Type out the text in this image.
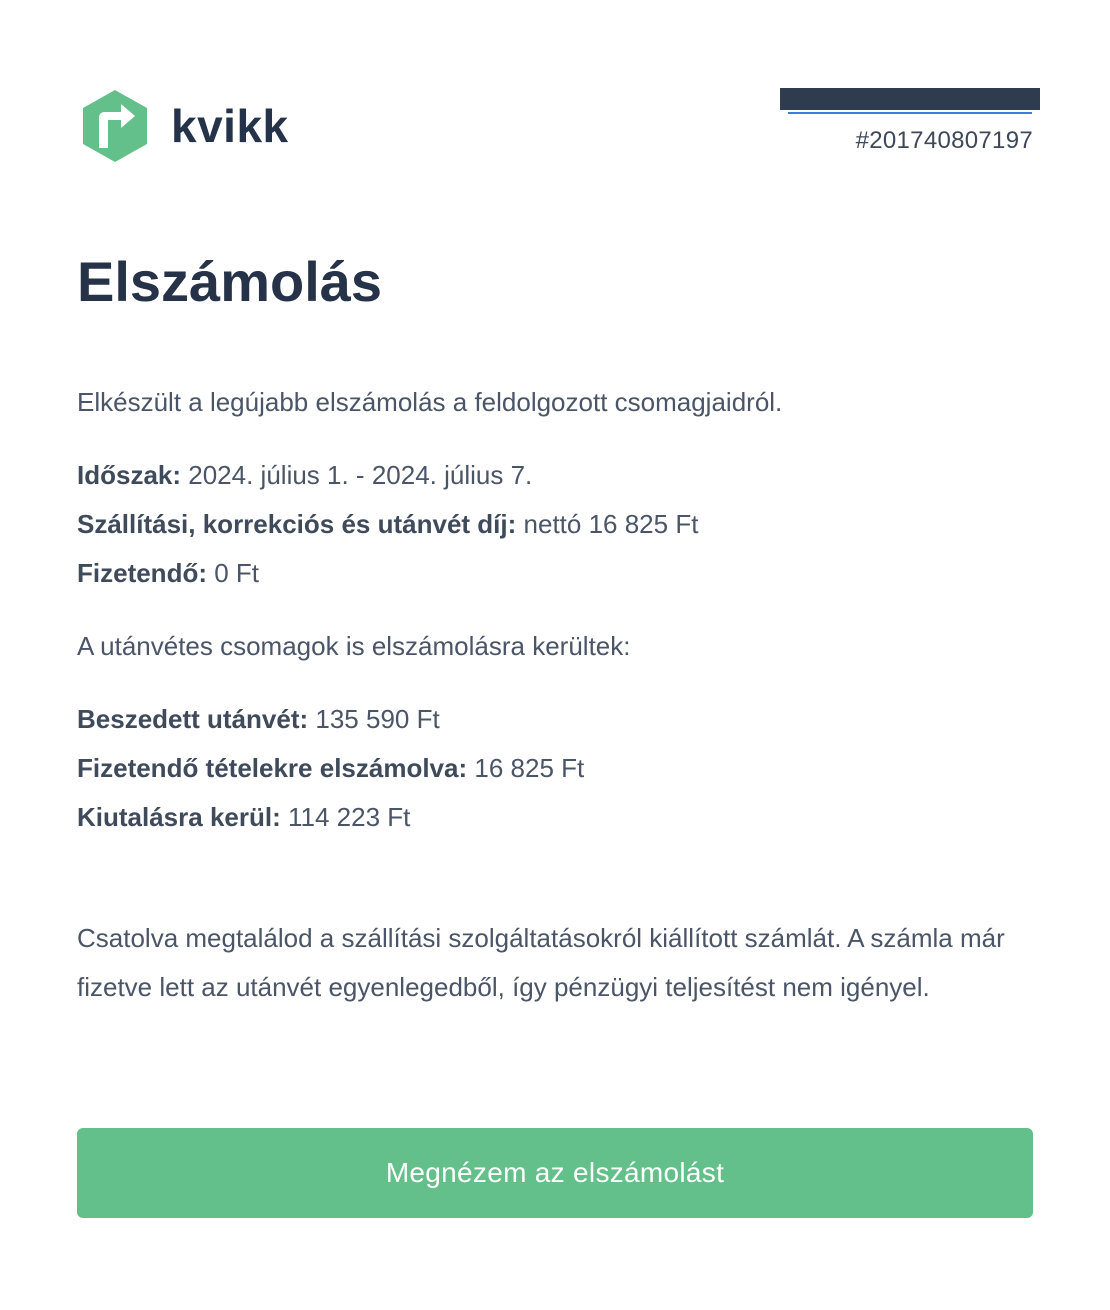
kvikk	#201740807197
Elszámolás

Elkészült a legújabb elszámolás a feldolgozott csomagjaidról.

Időszak: 2024. július 1. - 2024. július 7.

Szállítási, korrekciós és utánvét díj: nettó 16 825 Ft

Fizetendő: 0 Ft

A utánvétes csomagok is elszámolásra kerültek:

Beszedett utánvét: 135 590 Ft

Fizetendő tételekre elszámolva: 16 825 Ft

Kiutalásra kerül: 114 223 Ft

Csatolva megtalálod a szállítási szolgáltatásokról kiállított számlát. A számla már fizetve lett az utánvét egyenlegedből, így pénzügyi teljesítést nem igényel.

Megnézem az elszámolást
